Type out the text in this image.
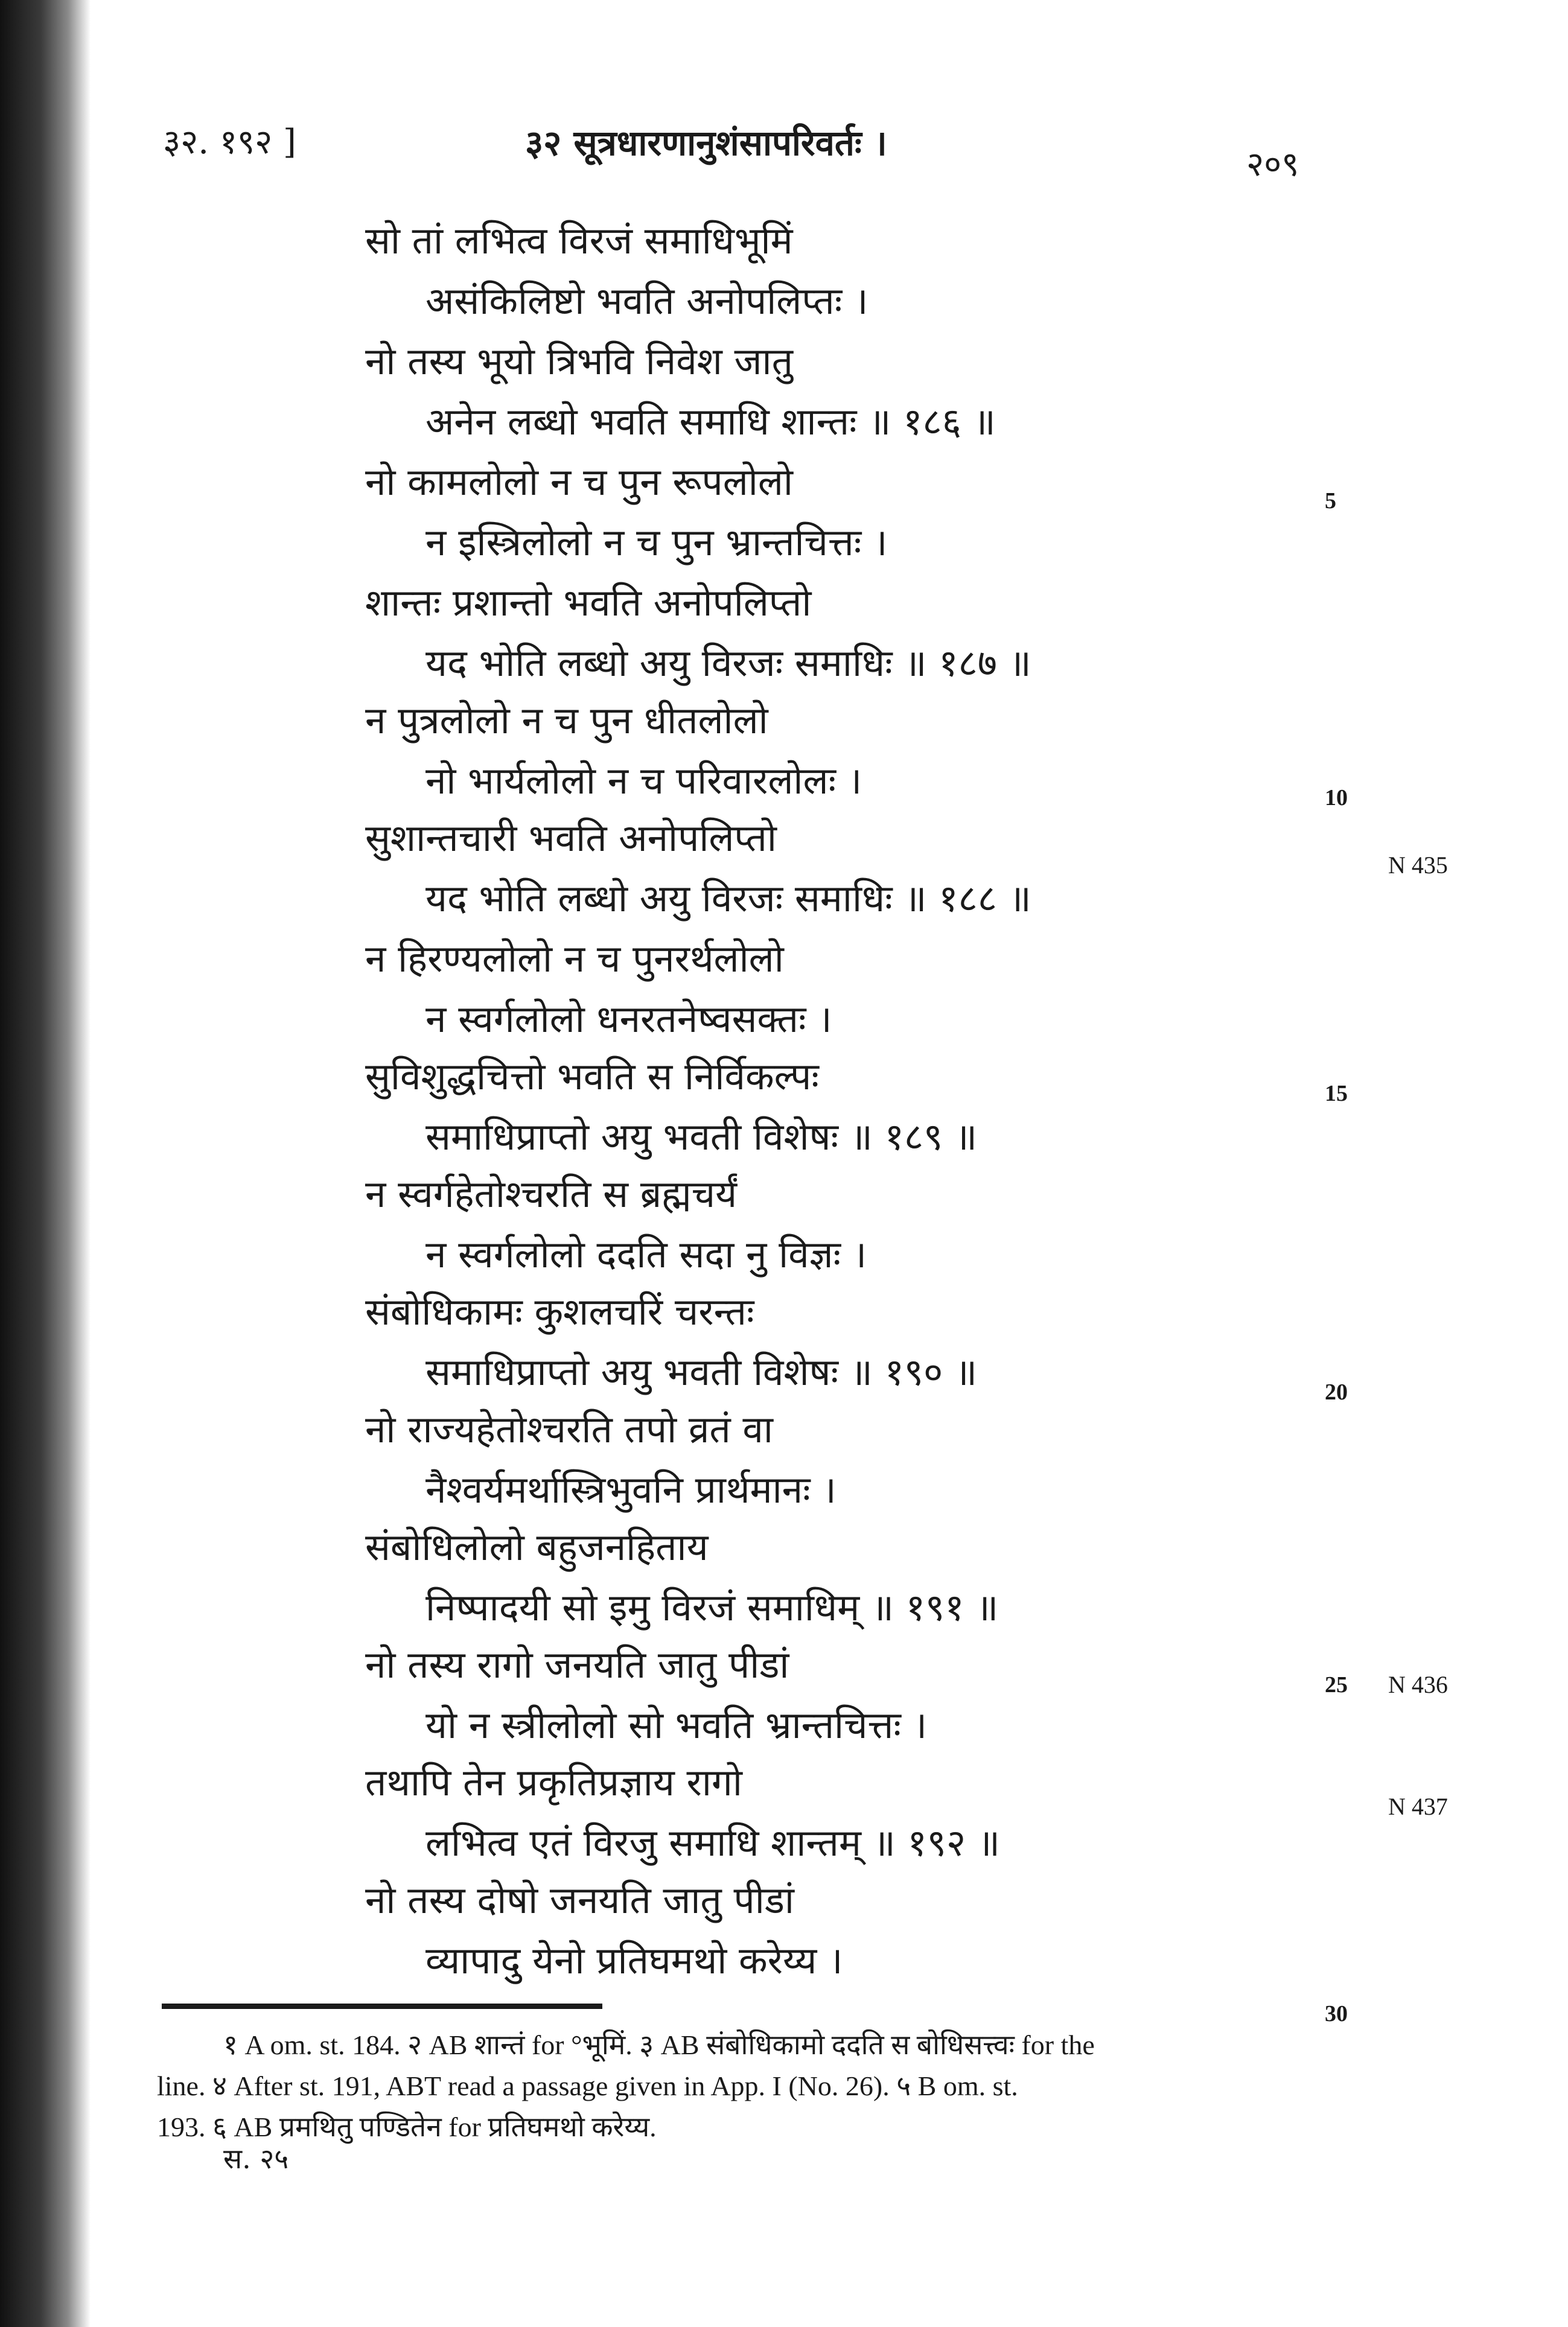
३२. १९२ ]	३२ सूत्रधारणानुशंसापरिवर्तः ।
२०९
सो तां लभित्व विरजं समाधिभूमिं
असंकिलिष्टो भवति अनोपलिप्तः ।
नो तस्य भूयो त्रिभवि निवेश जातु
अनेन लब्धो भवति समाधि शान्तः ॥ १८६ ॥
नो कामलोलो न च पुन रूपलोलो
न इस्त्रिलोलो न च पुन भ्रान्तचित्तः ।
शान्तः प्रशान्तो भवति अनोपलिप्तो
यद भोति लब्धो अयु विरजः समाधिः ॥ १८७ ॥
न पुत्रलोलो न च पुन धीतलोलो
नो भार्यलोलो न च परिवारलोलः ।
सुशान्तचारी भवति अनोपलिप्तो
यद भोति लब्धो अयु विरजः समाधिः ॥ १८८ ॥
न हिरण्यलोलो न च पुनरर्थलोलो
न स्वर्गलोलो धनरतनेष्वसक्तः ।
सुविशुद्धचित्तो भवति स निर्विकल्पः
समाधिप्राप्तो अयु भवती विशेषः ॥ १८९ ॥
न स्वर्गहेतोश्चरति स ब्रह्मचर्यं
न स्वर्गलोलो ददति सदा नु विज्ञः ।
संबोधिकामः कुशलचरिं चरन्तः
समाधिप्राप्तो अयु भवती विशेषः ॥ १९० ॥
नो राज्यहेतोश्चरति तपो व्रतं वा
नैश्वर्यमर्थास्त्रिभुवनि प्रार्थमानः ।
संबोधिलोलो बहुजनहिताय
निष्पादयी सो इमु विरजं समाधिम् ॥ १९१ ॥
नो तस्य रागो जनयति जातु पीडां
यो न स्त्रीलोलो सो भवति भ्रान्तचित्तः ।
तथापि तेन प्रकृतिप्रज्ञाय रागो
लभित्व एतं विरजु समाधि शान्तम् ॥ १९२ ॥
नो तस्य दोषो जनयति जातु पीडां
व्यापादु येनो प्रतिघमथो करेय्य ।
5
10
15
20
25
30
N 435
N 436
N 437
१ A om. st. 184. २ AB शान्तं for °भूमिं. ३ AB संबोधिकामो ददति स बोधिसत्त्वः for the
line. ४ After st. 191, ABT read a passage given in App. I (No. 26). ५ B om. st.
193. ६ AB प्रमथितु पण्डितेन for प्रतिघमथो करेय्य.
स. २५
